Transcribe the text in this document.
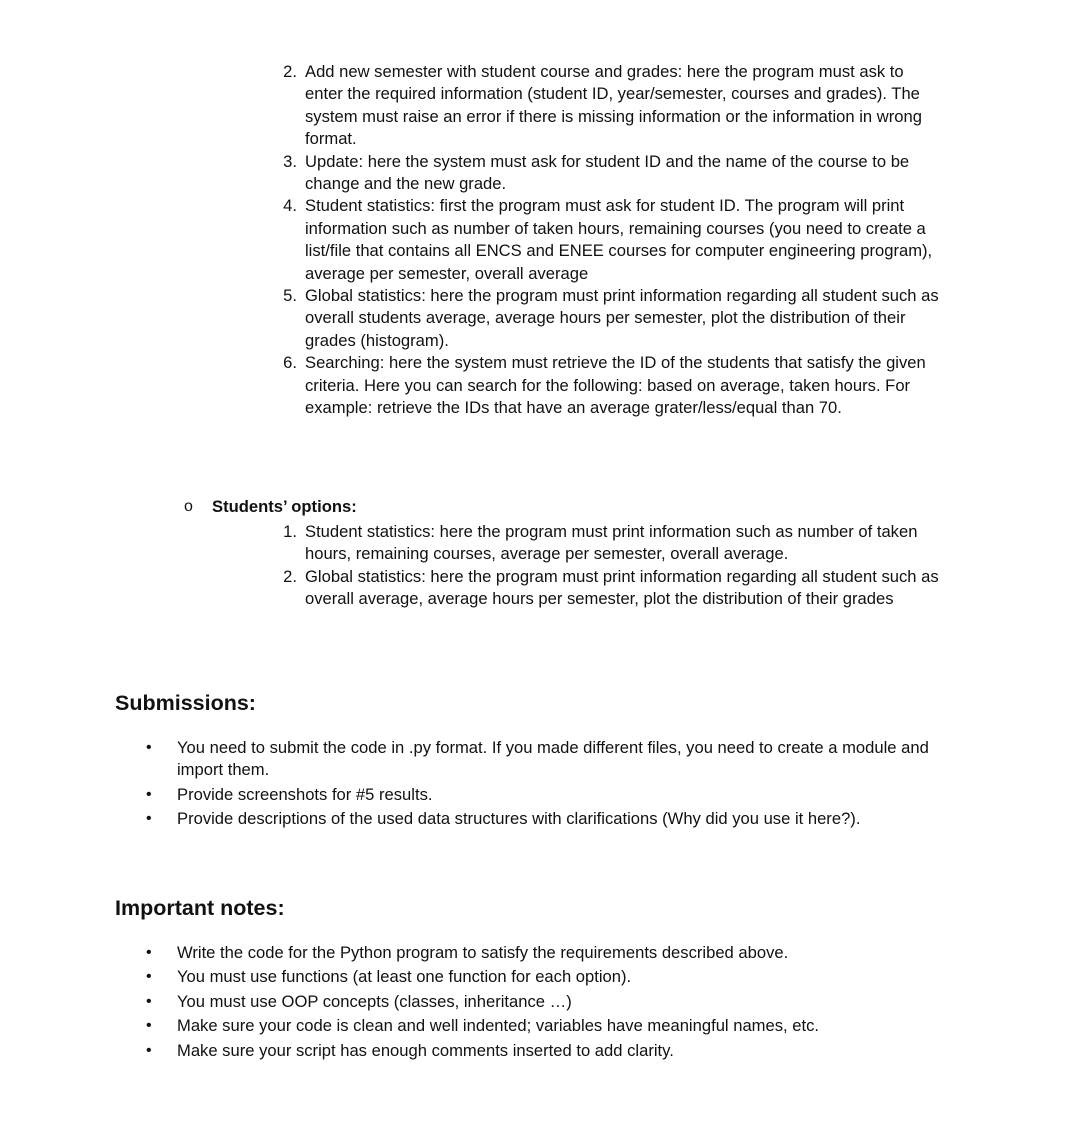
2. Add new semester with student course and grades: here the program must ask to enter the required information (student ID, year/semester, courses and grades). The system must raise an error if there is missing information or the information in wrong format.
3. Update: here the system must ask for student ID and the name of the course to be change and the new grade.
4. Student statistics: first the program must ask for student ID. The program will print information such as number of taken hours, remaining courses (you need to create a list/file that contains all ENCS and ENEE courses for computer engineering program), average per semester, overall average
5. Global statistics: here the program must print information regarding all student such as overall students average, average hours per semester, plot the distribution of their grades (histogram).
6. Searching: here the system must retrieve the ID of the students that satisfy the given criteria. Here you can search for the following: based on average, taken hours. For example: retrieve the IDs that have an average grater/less/equal than 70.
o Students’ options:
1. Student statistics: here the program must print information such as number of taken hours, remaining courses, average per semester, overall average.
2. Global statistics: here the program must print information regarding all student such as overall average, average hours per semester, plot the distribution of their grades
Submissions:
• You need to submit the code in .py format. If you made different files, you need to create a module and import them.
• Provide screenshots for #5 results.
• Provide descriptions of the used data structures with clarifications (Why did you use it here?).
Important notes:
• Write the code for the Python program to satisfy the requirements described above.
• You must use functions (at least one function for each option).
• You must use OOP concepts (classes, inheritance …)
• Make sure your code is clean and well indented; variables have meaningful names, etc.
• Make sure your script has enough comments inserted to add clarity.
